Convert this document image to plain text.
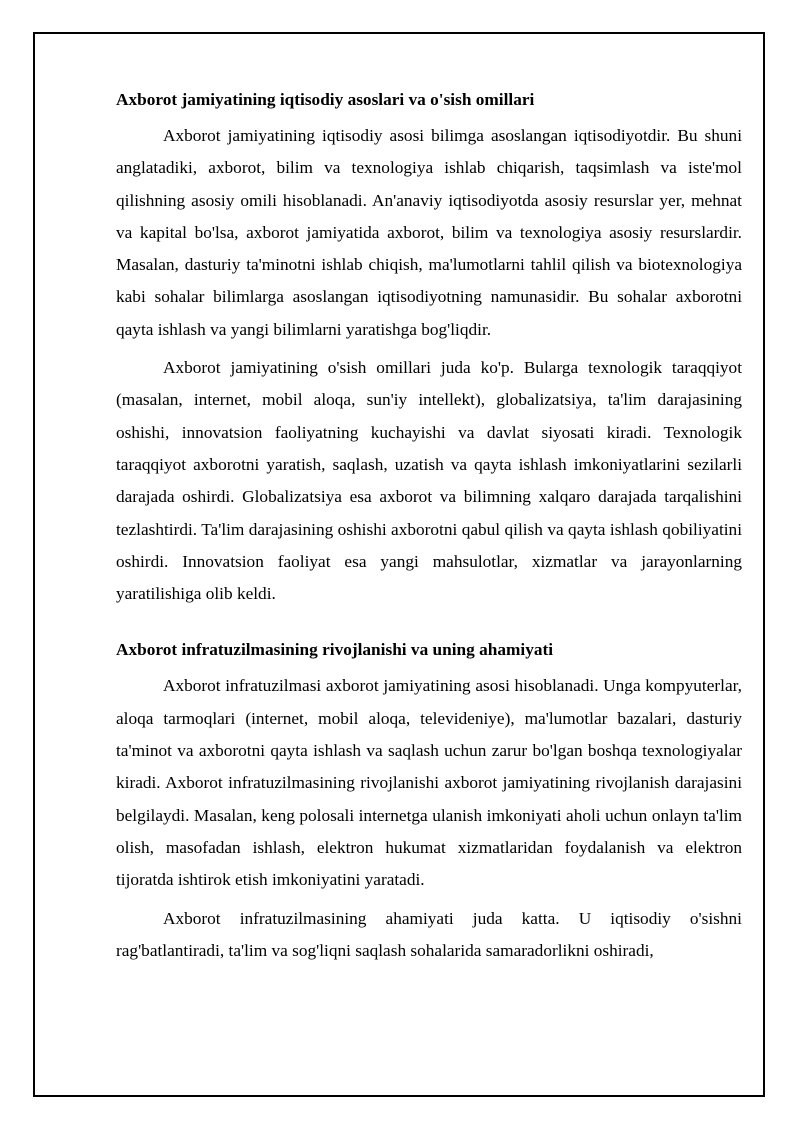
Axborot jamiyatining iqtisodiy asoslari va o'sish omillari

Axborot jamiyatining iqtisodiy asosi bilimga asoslangan iqtisodiyotdir. Bu shuni anglatadiki, axborot, bilim va texnologiya ishlab chiqarish, taqsimlash va iste'mol qilishning asosiy omili hisoblanadi. An'anaviy iqtisodiyotda asosiy resurslar yer, mehnat va kapital bo'lsa, axborot jamiyatida axborot, bilim va texnologiya asosiy resurslardir. Masalan, dasturiy ta'minotni ishlab chiqish, ma'lumotlarni tahlil qilish va biotexnologiya kabi sohalar bilimlarga asoslangan iqtisodiyotning namunasidir. Bu sohalar axborotni qayta ishlash va yangi bilimlarni yaratishga bog'liqdir.

Axborot jamiyatining o'sish omillari juda ko'p. Bularga texnologik taraqqiyot (masalan, internet, mobil aloqa, sun'iy intellekt), globalizatsiya, ta'lim darajasining oshishi, innovatsion faoliyatning kuchayishi va davlat siyosati kiradi. Texnologik taraqqiyot axborotni yaratish, saqlash, uzatish va qayta ishlash imkoniyatlarini sezilarli darajada oshirdi. Globalizatsiya esa axborot va bilimning xalqaro darajada tarqalishini tezlashtirdi. Ta'lim darajasining oshishi axborotni qabul qilish va qayta ishlash qobiliyatini oshirdi. Innovatsion faoliyat esa yangi mahsulotlar, xizmatlar va jarayonlarning yaratilishiga olib keldi.

Axborot infratuzilmasining rivojlanishi va uning ahamiyati

Axborot infratuzilmasi axborot jamiyatining asosi hisoblanadi. Unga kompyuterlar, aloqa tarmoqlari (internet, mobil aloqa, televideniye), ma'lumotlar bazalari, dasturiy ta'minot va axborotni qayta ishlash va saqlash uchun zarur bo'lgan boshqa texnologiyalar kiradi. Axborot infratuzilmasining rivojlanishi axborot jamiyatining rivojlanish darajasini belgilaydi. Masalan, keng polosali internetga ulanish imkoniyati aholi uchun onlayn ta'lim olish, masofadan ishlash, elektron hukumat xizmatlaridan foydalanish va elektron tijoratda ishtirok etish imkoniyatini yaratadi.

Axborot infratuzilmasining ahamiyati juda katta. U iqtisodiy o'sishni rag'batlantiradi, ta'lim va sog'liqni saqlash sohalarida samaradorlikni oshiradi,
